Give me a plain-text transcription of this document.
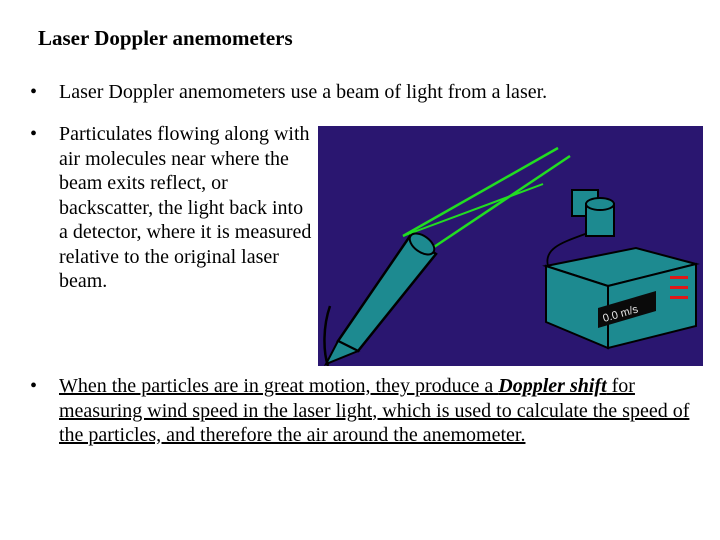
Laser Doppler anemometers
• Laser Doppler anemometers use a beam of light from a laser.
• Particulates flowing along with air molecules near where the beam exits reflect, or backscatter, the light back into a detector, where it is measured relative to the original laser beam.
• When the particles are in great motion, they produce a Doppler shift for measuring wind speed in the laser light, which is used to calculate the speed of the particles, and therefore the air around the anemometer.
0.0 m/s
